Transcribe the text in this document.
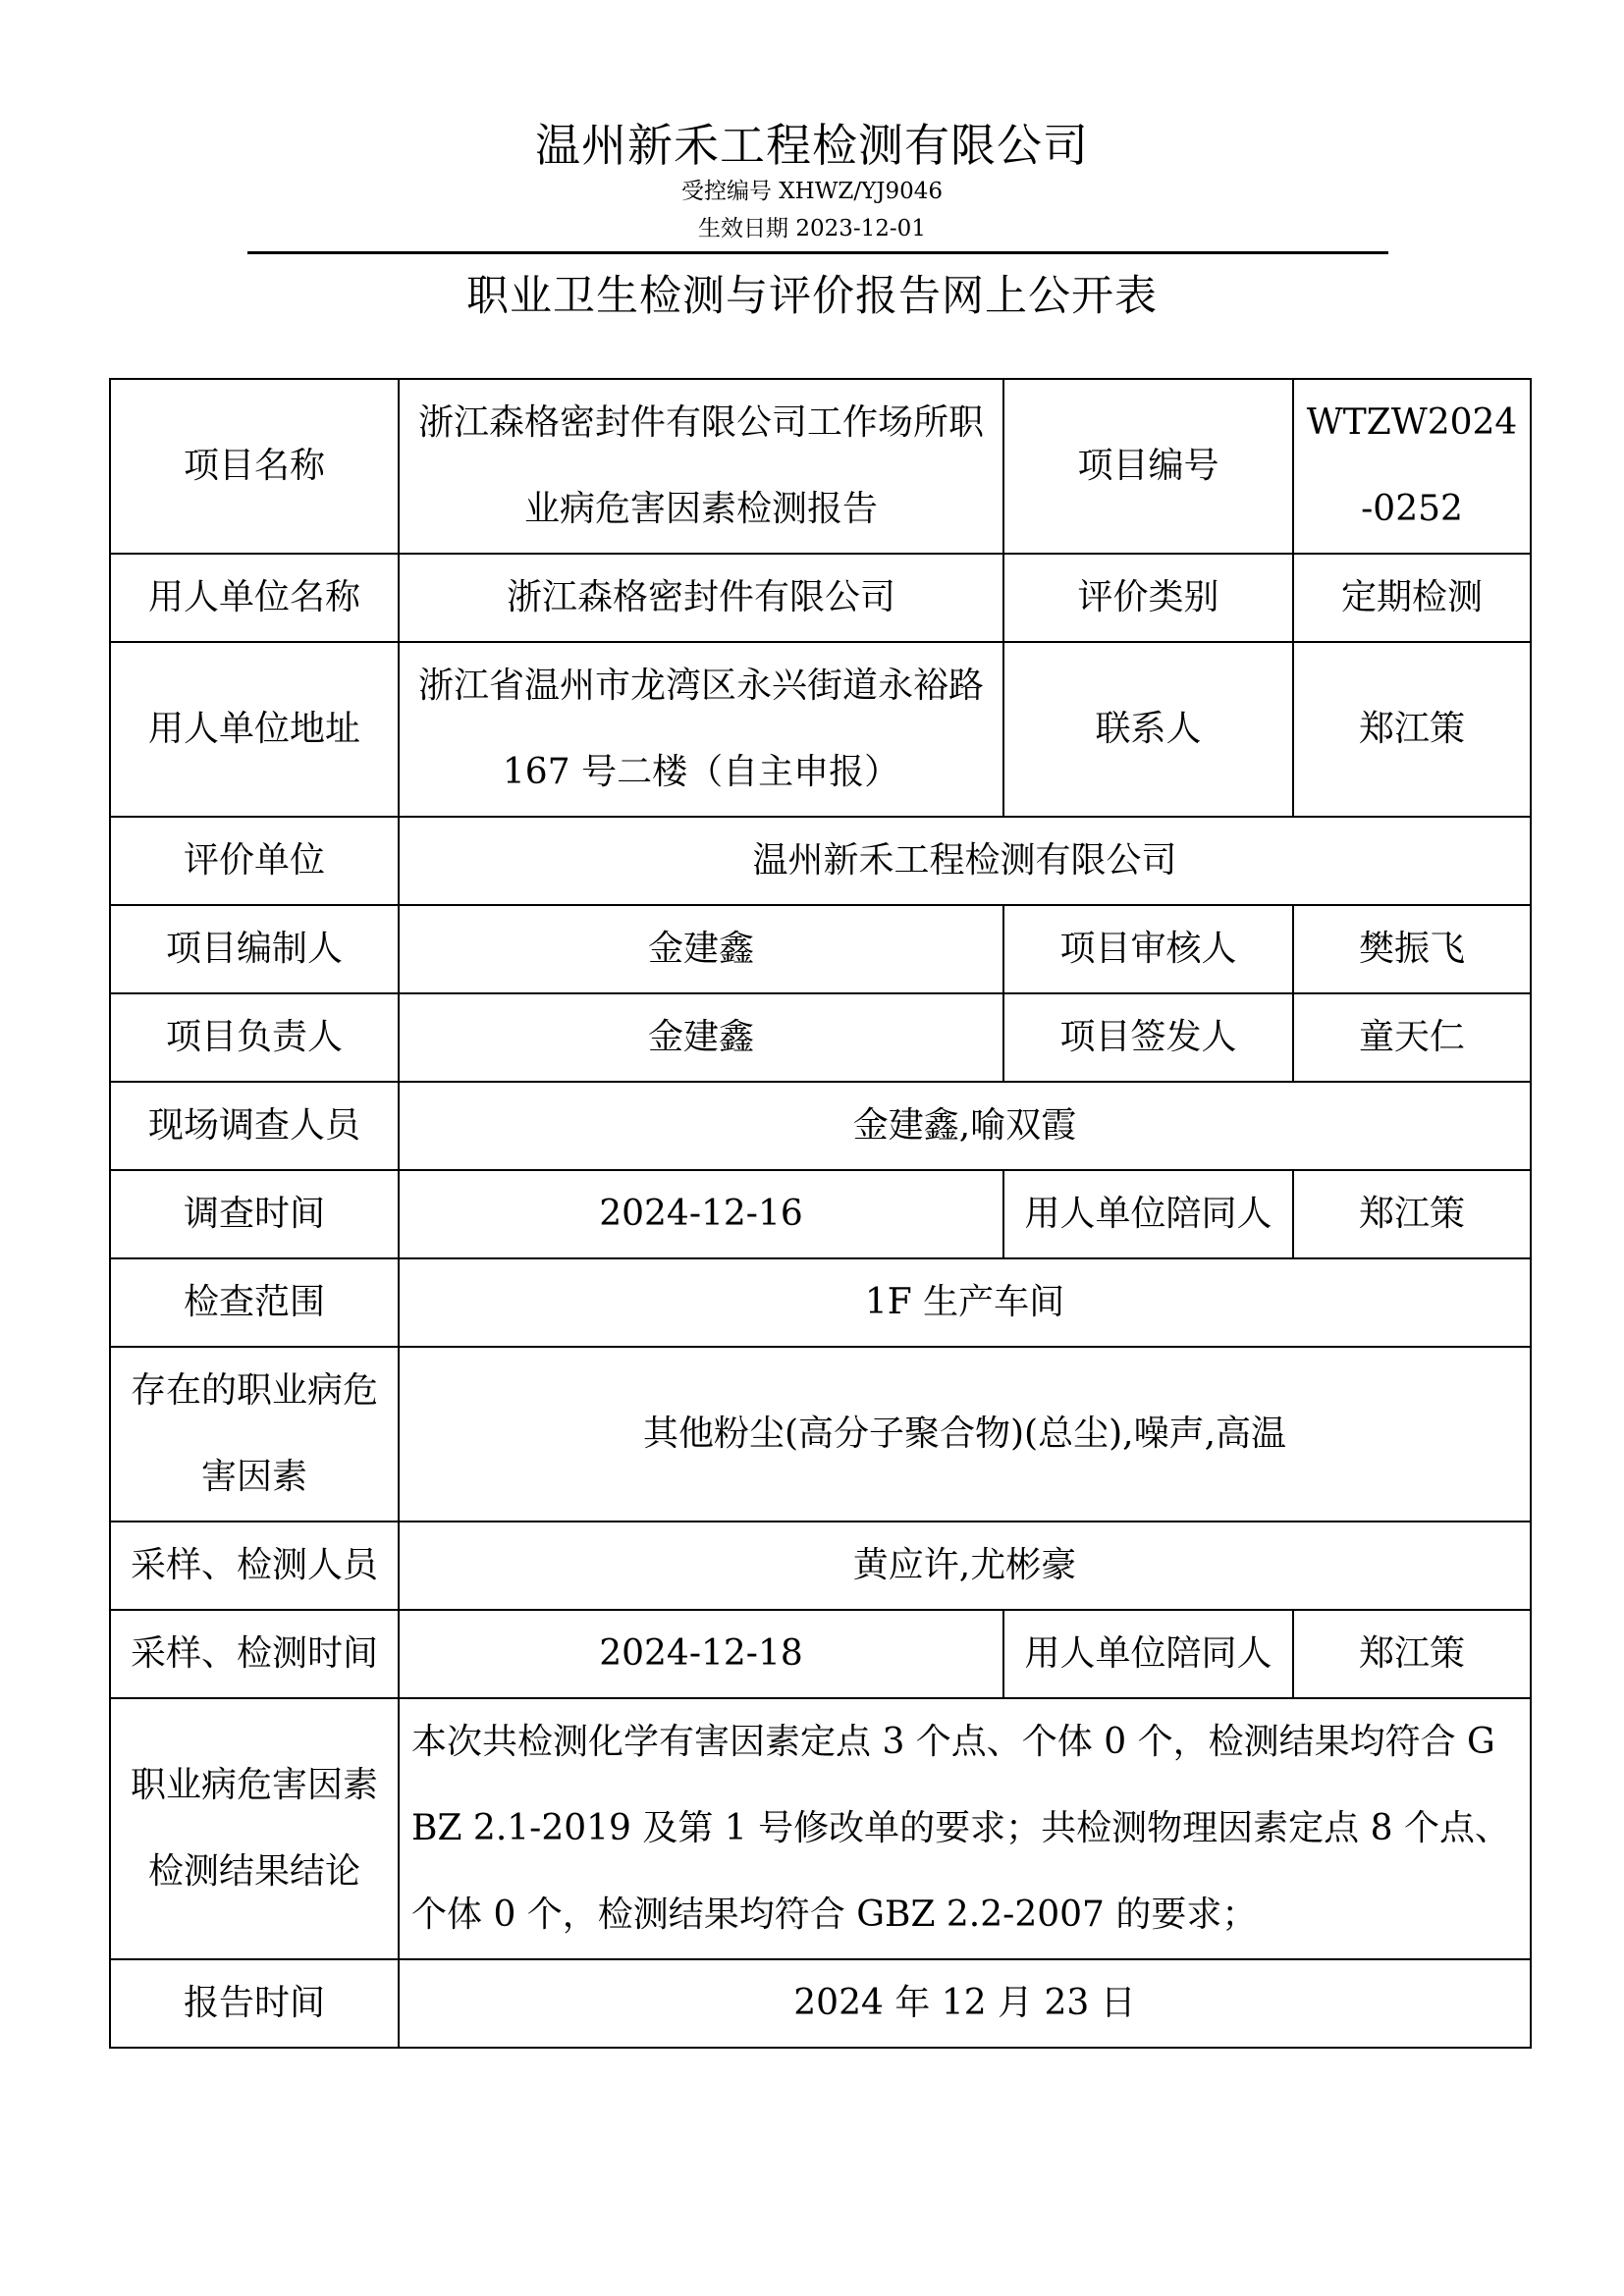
温州新禾工程检测有限公司
受控编号 XHWZ/YJ9046
生效日期 2023-12-01
职业卫生检测与评价报告网上公开表
项目名称	浙江森格密封件有限公司工作场所职业病危害因素检测报告	项目编号	WTZW2024-0252
用人单位名称	浙江森格密封件有限公司	评价类别	定期检测
用人单位地址	浙江省温州市龙湾区永兴街道永裕路 167 号二楼（自主申报）	联系人	郑江策
评价单位	温州新禾工程检测有限公司		
项目编制人	金建鑫	项目审核人	樊振飞
项目负责人	金建鑫	项目签发人	童天仁
现场调查人员	金建鑫,喻双霞		
调查时间	2024-12-16	用人单位陪同人	郑江策
检查范围	1F 生产车间		
存在的职业病危害因素	其他粉尘(高分子聚合物)(总尘),噪声,高温		
采样、检测人员	黄应许,尤彬豪		
采样、检测时间	2024-12-18	用人单位陪同人	郑江策
职业病危害因素检测结果结论	本次共检测化学有害因素定点 3 个点、个体 0 个，检测结果均符合 GBZ 2.1-2019 及第 1 号修改单的要求；共检测物理因素定点 8 个点、个体 0 个，检测结果均符合 GBZ 2.2-2007 的要求；		
报告时间	2024 年 12 月 23 日		
